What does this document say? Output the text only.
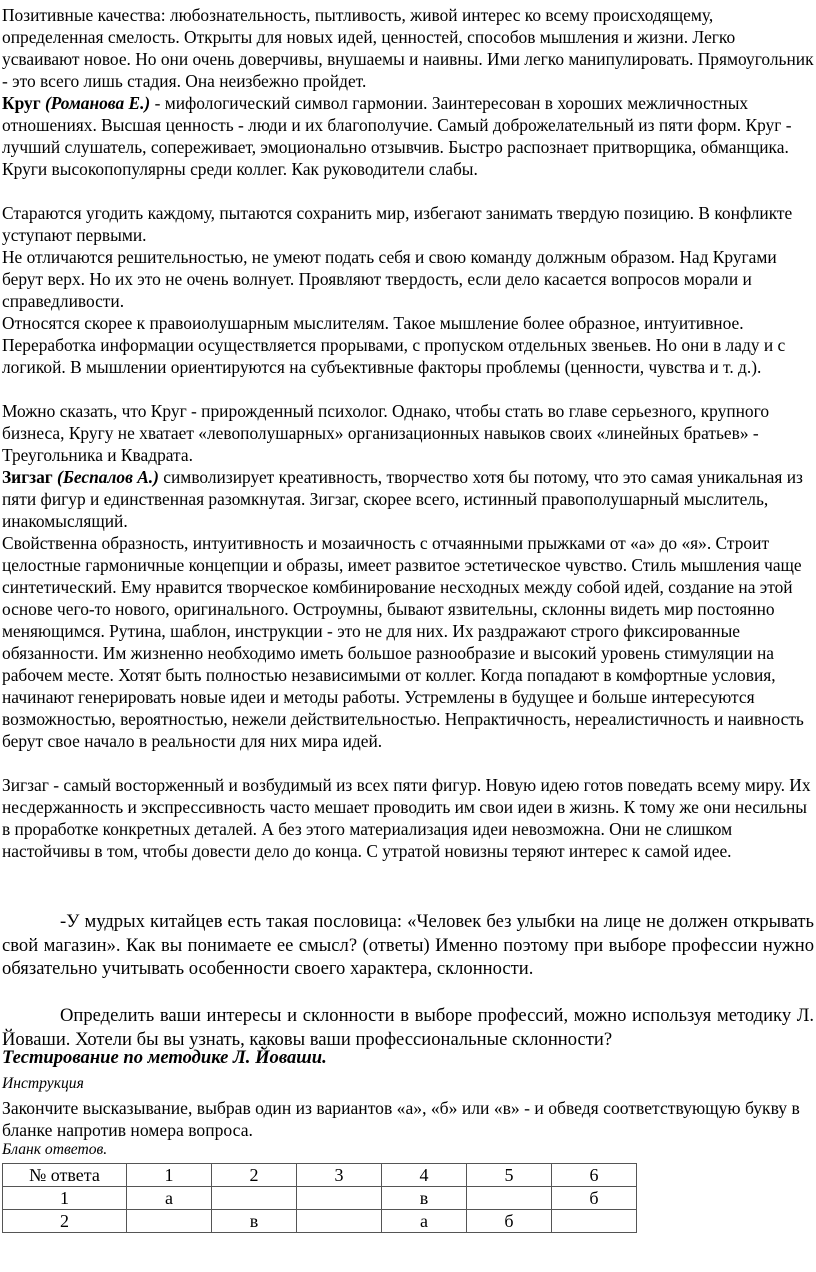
Позитивные качества: любознательность, пытливость, живой интерес ко всему происходящему, определенная смелость. Открыты для новых идей, ценностей, способов мышления и жизни. Легко усваивают новое. Но они очень доверчивы, внушаемы и наивны. Ими легко манипулировать. Прямоугольник - это всего лишь стадия. Она неизбежно пройдет.

Круг (Романова Е.) - мифологический символ гармонии. Заинтересован в хороших межличностных отношениях. Высшая ценность - люди и их благополучие. Самый доброжелательный из пяти форм. Круг - лучший слушатель, сопереживает, эмоционально отзывчив. Быстро распознает притворщика, обманщика. Круги высокопопулярны среди коллег. Как руководители слабы.

Стараются угодить каждому, пытаются сохранить мир, избегают занимать твердую позицию. В конфликте уступают первыми.

Не отличаются решительностью, не умеют подать себя и свою команду должным образом. Над Кругами берут верх. Но их это не очень волнует. Проявляют твердость, если дело касается вопросов морали и справедливости.

Относятся скорее к правоиолушарным мыслителям. Такое мышление более образное, интуитивное. Переработка информации осуществляется прорывами, с пропуском отдельных звеньев. Но они в ладу и с логикой. В мышлении ориентируются на субъективные факторы проблемы (ценности, чувства и т. д.).

Можно сказать, что Круг - прирожденный психолог. Однако, чтобы стать во главе серьезного, крупного бизнеса, Кругу не хватает «левополушарных» организационных навыков своих «линейных братьев» - Треугольника и Квадрата.

Зигзаг (Беспалов А.) символизирует креативность, творчество хотя бы потому, что это самая уникальная из пяти фигур и единственная разомкнутая. Зигзаг, скорее всего, истинный правополушарный мыслитель, инакомыслящий.

Свойственна образность, интуитивность и мозаичность с отчаянными прыжками от «а» до «я». Строит целостные гармоничные концепции и образы, имеет развитое эстетическое чувство. Стиль мышления чаще синтетический. Ему нравится творческое комбинирование несходных между собой идей, создание на этой основе чего-то нового, оригинального. Остроумны, бывают язвительны, склонны видеть мир постоянно меняющимся. Рутина, шаблон, инструкции - это не для них. Их раздражают строго фиксированные обязанности. Им жизненно необходимо иметь большое разнообразие и высокий уровень стимуляции на рабочем месте. Хотят быть полностью независимыми от коллег. Когда попадают в комфортные условия, начинают генерировать новые идеи и методы работы. Устремлены в будущее и больше интересуются возможностью, вероятностью, нежели действительностью. Непрактичность, нереалистичность и наивность берут свое начало в реальности для них мира идей.

Зигзаг - самый восторженный и возбудимый из всех пяти фигур. Новую идею готов поведать всему миру. Их несдержанность и экспрессивность часто мешает проводить им свои идеи в жизнь. К тому же они несильны в проработке конкретных деталей. А без этого материализация идеи невозможна. Они не слишком настойчивы в том, чтобы довести дело до конца. С утратой новизны теряют интерес к самой идее.

-У мудрых китайцев есть такая пословица: «Человек без улыбки на лице не должен открывать свой магазин». Как вы понимаете ее смысл? (ответы) Именно поэтому при выборе профессии нужно обязательно учитывать особенности своего характера, склонности.

Определить ваши интересы и склонности в выборе профессий, можно используя методику Л. Йоваши. Хотели бы вы узнать, каковы ваши профессиональные склонности?

Тестирование по методике Л. Йоваши.

Инструкция

Закончите высказывание, выбрав один из вариантов «а», «б» или «в» - и обведя соответствующую букву в бланке напротив номера вопроса.

Бланк ответов.

№ ответа	1	2	3	4	5	6
1	а			в		б
2		в		а	б	
